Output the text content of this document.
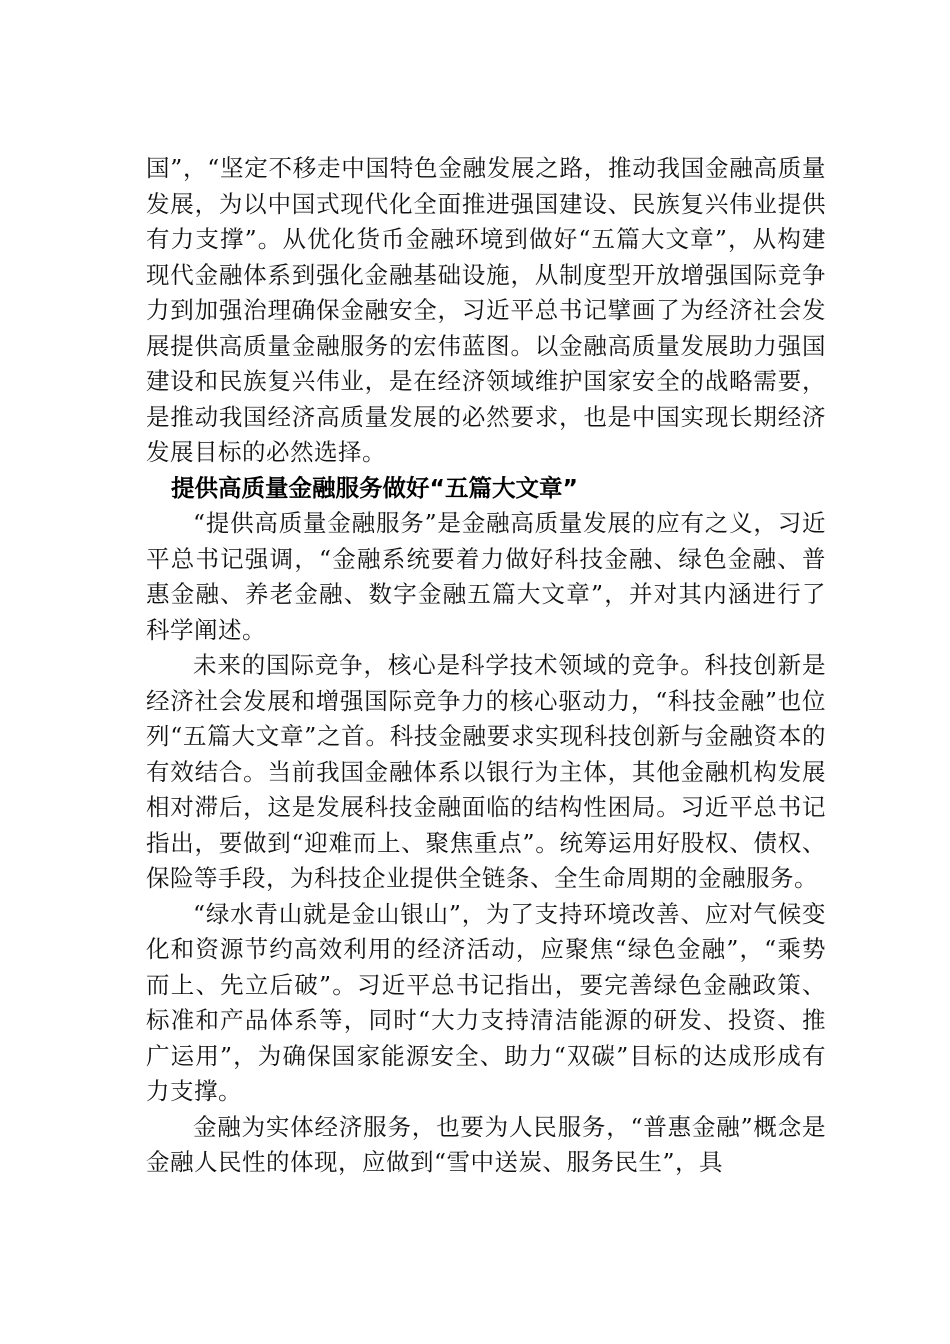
国”，“坚定不移走中国特色金融发展之路，推动我国金融高质量发展，为以中国式现代化全面推进强国建设、民族复兴伟业提供有力支撑”。从优化货币金融环境到做好“五篇大文章”，从构建现代金融体系到强化金融基础设施，从制度型开放增强国际竞争力到加强治理确保金融安全，习近平总书记擘画了为经济社会发展提供高质量金融服务的宏伟蓝图。以金融高质量发展助力强国建设和民族复兴伟业，是在经济领域维护国家安全的战略需要，是推动我国经济高质量发展的必然要求，也是中国实现长期经济发展目标的必然选择。

提供高质量金融服务做好“五篇大文章”

“提供高质量金融服务”是金融高质量发展的应有之义，习近平总书记强调，“金融系统要着力做好科技金融、绿色金融、普惠金融、养老金融、数字金融五篇大文章”，并对其内涵进行了科学阐述。

未来的国际竞争，核心是科学技术领域的竞争。科技创新是经济社会发展和增强国际竞争力的核心驱动力，“科技金融”也位列“五篇大文章”之首。科技金融要求实现科技创新与金融资本的有效结合。当前我国金融体系以银行为主体，其他金融机构发展相对滞后，这是发展科技金融面临的结构性困局。习近平总书记指出，要做到“迎难而上、聚焦重点”。统筹运用好股权、债权、保险等手段，为科技企业提供全链条、全生命周期的金融服务。

“绿水青山就是金山银山”，为了支持环境改善、应对气候变化和资源节约高效利用的经济活动，应聚焦“绿色金融”，“乘势而上、先立后破”。习近平总书记指出，要完善绿色金融政策、标准和产品体系等，同时“大力支持清洁能源的研发、投资、推广运用”，为确保国家能源安全、助力“双碳”目标的达成形成有力支撑。

金融为实体经济服务，也要为人民服务，“普惠金融”概念是金融人民性的体现，应做到“雪中送炭、服务民生”，具
